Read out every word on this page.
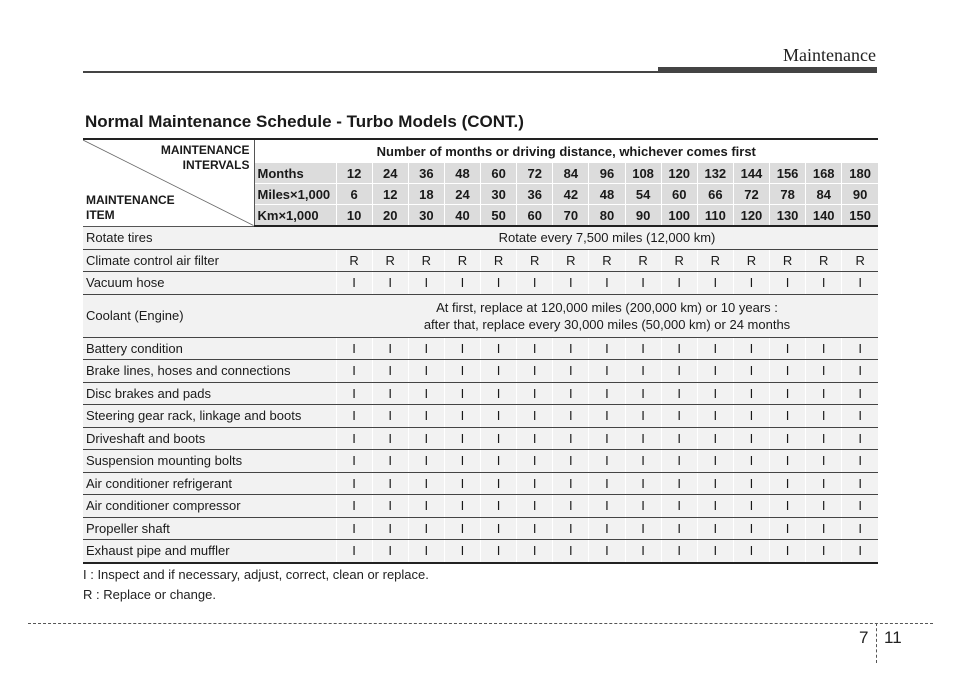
Maintenance
Normal Maintenance Schedule - Turbo Models (CONT.)
MAINTENANCE
INTERVALS
MAINTENANCE
ITEM	Number of months or driving distance, whichever comes first															
	Months	12	24	36	48	60	72	84	96	108	120	132	144	156	168	180
	Miles×1,000	6	12	18	24	30	36	42	48	54	60	66	72	78	84	90
	Km×1,000	10	20	30	40	50	60	70	80	90	100	110	120	130	140	150
Rotate tires		Rotate every 7,500 miles (12,000 km)														
Climate control air filter		R	R	R	R	R	R	R	R	R	R	R	R	R	R	R
Vacuum hose		I	I	I	I	I	I	I	I	I	I	I	I	I	I	I
Coolant (Engine)		At first, replace at 120,000 miles (200,000 km) or 10 years :
after that, replace every 30,000 miles (50,000 km) or 24 months														

Battery condition		I	I	I	I	I	I	I	I	I	I	I	I	I	I	I
Brake lines, hoses and connections		I	I	I	I	I	I	I	I	I	I	I	I	I	I	I
Disc brakes and pads		I	I	I	I	I	I	I	I	I	I	I	I	I	I	I
Steering gear rack, linkage and boots		I	I	I	I	I	I	I	I	I	I	I	I	I	I	I
Driveshaft and boots		I	I	I	I	I	I	I	I	I	I	I	I	I	I	I
Suspension mounting bolts		I	I	I	I	I	I	I	I	I	I	I	I	I	I	I
Air conditioner refrigerant		I	I	I	I	I	I	I	I	I	I	I	I	I	I	I
Air conditioner compressor		I	I	I	I	I	I	I	I	I	I	I	I	I	I	I
Propeller shaft		I	I	I	I	I	I	I	I	I	I	I	I	I	I	I
Exhaust pipe and muffler		I	I	I	I	I	I	I	I	I	I	I	I	I	I	I
I : Inspect and if necessary, adjust, correct, clean or replace.
R : Replace or change.
7 11
